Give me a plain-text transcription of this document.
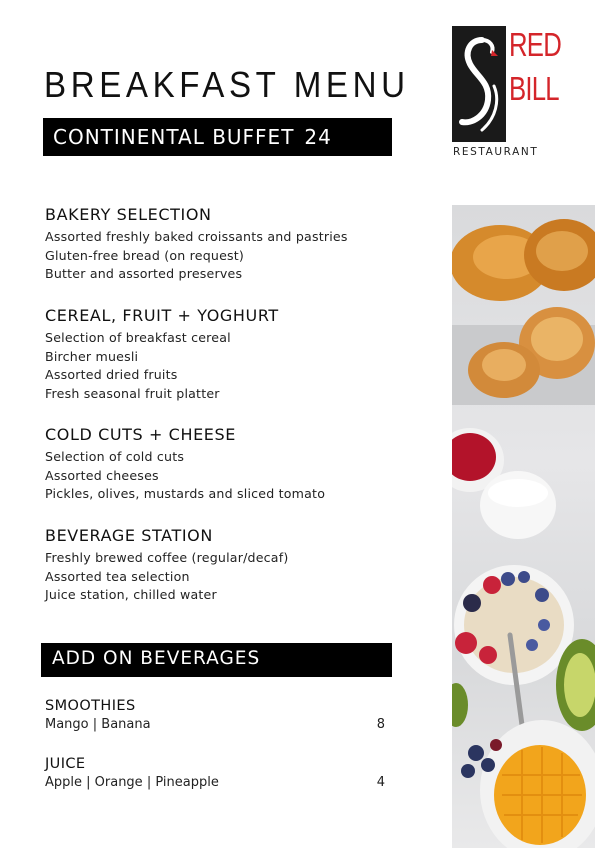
BREAKFAST MENU
CONTINENTAL BUFFET 24
RED
BILL
RESTAURANT
BAKERY SELECTION
Assorted freshly baked croissants and pastries
Gluten-free bread (on request)
Butter and assorted preserves
CEREAL, FRUIT + YOGHURT
Selection of breakfast cereal
Bircher muesli
Assorted dried fruits
Fresh seasonal fruit platter
COLD CUTS + CHEESE
Selection of cold cuts
Assorted cheeses
Pickles, olives, mustards and sliced tomato
BEVERAGE STATION
Freshly brewed coffee (regular/decaf)
Assorted tea selection
Juice station, chilled water
ADD ON BEVERAGES
SMOOTHIES
Mango | Banana	8
JUICE
Apple | Orange | Pineapple	4
